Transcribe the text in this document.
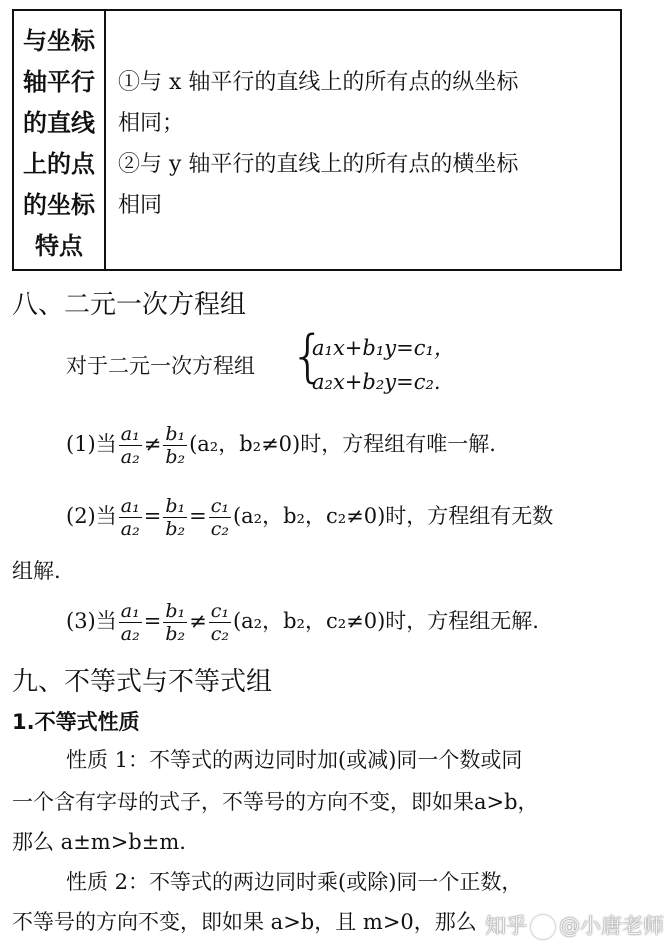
与坐标
轴平行
的直线
上的点
的坐标
特点
①与 x 轴平行的直线上的所有点的纵坐标
相同；
②与 y 轴平行的直线上的所有点的横坐标
相同
八、二元一次方程组
对于二元一次方程组 {
a₁x+b₁y=c₁，
a₂x+b₂y=c₂.
(1)当 $\frac{\text{a₁}}{\text{a₂}} \ne \frac{\text{b₁}}{\text{b₂}} (a_2$，b₂≠0)时，方程组有唯一解.
(2)当 $\frac{\text{a₁}}{\text{a₂}} = \frac{\text{b₁}}{\text{b₂}} = \frac{\text{c₁}}{\text{c₂}} (a_2$，b₂，c₂≠0)时，方程组有无数
组解.
(3)当 $\frac{\text{a₁}}{\text{a₂}} = \frac{\text{b₁}}{\text{b₂}} \ne \frac{\text{c₁}}{\text{c₂}} (a_2$，b₂，c₂≠0)时，方程组无解.
九、不等式与不等式组
1.不等式性质
性质 1：不等式的两边同时加(或减)同一个数或同
一个含有字母的式子，不等号的方向不变，即如果a>b，
那么 a±m>b±m.
性质 2：不等式的两边同时乘(或除)同一个正数，
不等号的方向不变，即如果 a>b，且 m>0，那么 知乎 @小唐老师
